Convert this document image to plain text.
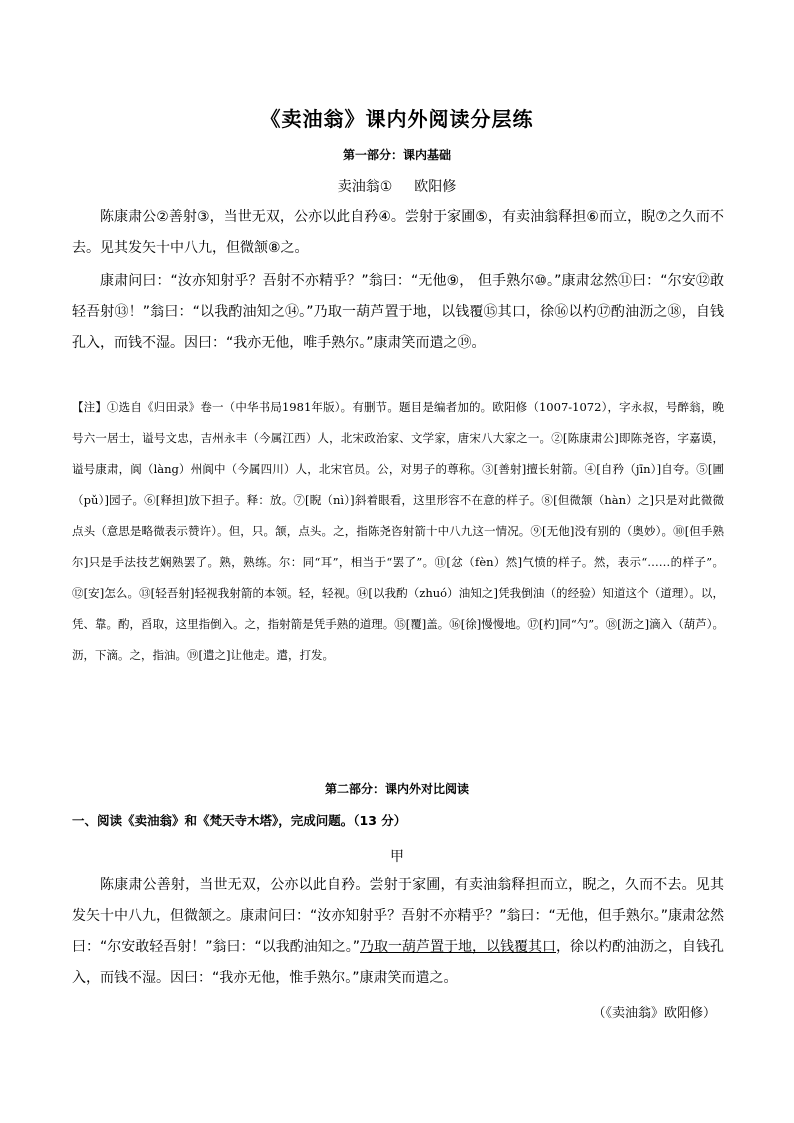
《卖油翁》课内外阅读分层练
第一部分：课内基础
卖油翁① 欧阳修

陈康肃公②善射③，当世无双，公亦以此自矜④。尝射于家圃⑤，有卖油翁释担⑥而立，睨⑦之久而不去。见其发矢十中八九，但微颔⑧之。

康肃问曰：“汝亦知射乎？吾射不亦精乎？”翁曰：“无他⑨， 但手熟尔⑩。”康肃忿然⑪曰：“尔安⑫敢轻吾射⑬！”翁曰：“以我酌油知之⑭。”乃取一葫芦置于地，以钱覆⑮其口，徐⑯以杓⑰酌油沥之⑱，自钱孔入，而钱不湿。因曰：“我亦无他，唯手熟尔。”康肃笑而遣之⑲。

【注】①选自《归田录》卷一（中华书局1981年版）。有删节。题目是编者加的。欧阳修（1007-1072），字永叔，号醉翁，晚号六一居士，谥号文忠，吉州永丰（今属江西）人，北宋政治家、文学家，唐宋八大家之一。②[陈康肃公]即陈尧咨，字嘉谟，谥号康肃，阆（làng）州阆中（今属四川）人，北宋官员。公，对男子的尊称。③[善射]擅长射箭。④[自矜（jīn）]自夸。⑤[圃（pǔ）]园子。⑥[释担]放下担子。释：放。⑦[睨（nì）]斜着眼看，这里形容不在意的样子。⑧[但微颔（hàn）之]只是对此微微点头（意思是略微表示赞许）。但，只。颔，点头。之，指陈尧咨射箭十中八九这一情况。⑨[无他]没有别的（奥妙）。⑩[但手熟尔]只是手法技艺娴熟罢了。熟，熟练。尔：同“耳”，相当于“罢了”。⑪[忿（fèn）然]气愤的样子。然，表示“……的样子”。⑫[安]怎么。⑬[轻吾射]轻视我射箭的本领。轻，轻视。⑭[以我酌（zhuó）油知之]凭我倒油（的经验）知道这个（道理）。以，凭、靠。酌，舀取，这里指倒入。之，指射箭是凭手熟的道理。⑮[覆]盖。⑯[徐]慢慢地。⑰[杓]同“勺”。⑱[沥之]滴入（葫芦）。沥，下滴。之，指油。⑲[遣之]让他走。遣，打发。

第二部分：课内外对比阅读
一、阅读《卖油翁》和《梵天寺木塔》，完成问题。（13 分）
甲

陈康肃公善射，当世无双，公亦以此自矜。尝射于家圃，有卖油翁释担而立，睨之，久而不去。见其发矢十中八九，但微颔之。康肃问曰：“汝亦知射乎？吾射不亦精乎？”翁曰：“无他，但手熟尔。”康肃忿然曰：“尔安敢轻吾射！”翁曰：“以我酌油知之。”乃取一葫芦置于地，以钱覆其口，徐以杓酌油沥之，自钱孔入，而钱不湿。因曰：“我亦无他，惟手熟尔。”康肃笑而遣之。

（《卖油翁》欧阳修）
